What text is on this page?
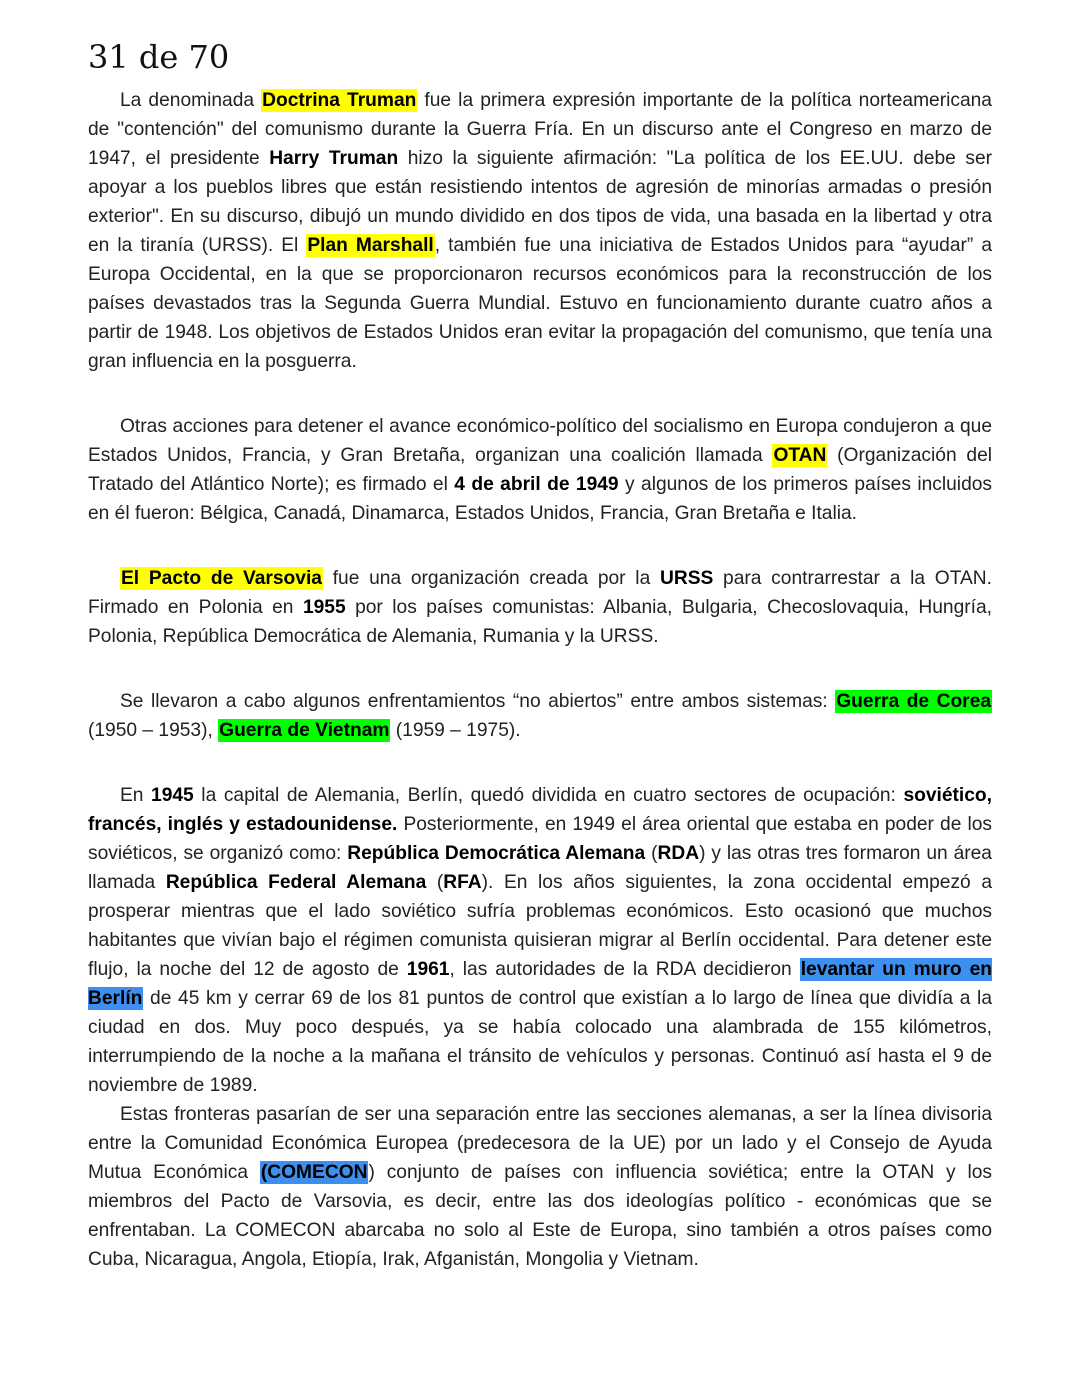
31 de 70

La denominada Doctrina Truman fue la primera expresión importante de la política norteamericana de "contención" del comunismo durante la Guerra Fría. En un discurso ante el Congreso en marzo de 1947, el presidente Harry Truman hizo la siguiente afirmación: "La política de los EE.UU. debe ser apoyar a los pueblos libres que están resistiendo intentos de agresión de minorías armadas o presión exterior". En su discurso, dibujó un mundo dividido en dos tipos de vida, una basada en la libertad y otra en la tiranía (URSS). El Plan Marshall, también fue una iniciativa de Estados Unidos para “ayudar” a Europa Occidental, en la que se proporcionaron recursos económicos para la reconstrucción de los países devastados tras la Segunda Guerra Mundial. Estuvo en funcionamiento durante cuatro años a partir de 1948. Los objetivos de Estados Unidos eran evitar la propagación del comunismo, que tenía una gran influencia en la posguerra.

Otras acciones para detener el avance económico-político del socialismo en Europa condujeron a que Estados Unidos, Francia, y Gran Bretaña, organizan una coalición llamada OTAN (Organización del Tratado del Atlántico Norte); es firmado el 4 de abril de 1949 y algunos de los primeros países incluidos en él fueron: Bélgica, Canadá, Dinamarca, Estados Unidos, Francia, Gran Bretaña e Italia.

El Pacto de Varsovia fue una organización creada por la URSS para contrarrestar a la OTAN. Firmado en Polonia en 1955 por los países comunistas: Albania, Bulgaria, Checoslovaquia, Hungría, Polonia, República Democrática de Alemania, Rumania y la URSS.

Se llevaron a cabo algunos enfrentamientos “no abiertos” entre ambos sistemas: Guerra de Corea (1950 – 1953), Guerra de Vietnam (1959 – 1975).

En 1945 la capital de Alemania, Berlín, quedó dividida en cuatro sectores de ocupación: soviético, francés, inglés y estadounidense. Posteriormente, en 1949 el área oriental que estaba en poder de los soviéticos, se organizó como: República Democrática Alemana (RDA) y las otras tres formaron un área llamada República Federal Alemana (RFA). En los años siguientes, la zona occidental empezó a prosperar mientras que el lado soviético sufría problemas económicos. Esto ocasionó que muchos habitantes que vivían bajo el régimen comunista quisieran migrar al Berlín occidental. Para detener este flujo, la noche del 12 de agosto de 1961, las autoridades de la RDA decidieron levantar un muro en Berlín de 45 km y cerrar 69 de los 81 puntos de control que existían a lo largo de línea que dividía a la ciudad en dos. Muy poco después, ya se había colocado una alambrada de 155 kilómetros, interrumpiendo de la noche a la mañana el tránsito de vehículos y personas. Continuó así hasta el 9 de noviembre de 1989.

Estas fronteras pasarían de ser una separación entre las secciones alemanas, a ser la línea divisoria entre la Comunidad Económica Europea (predecesora de la UE) por un lado y el Consejo de Ayuda Mutua Económica (COMECON) conjunto de países con influencia soviética; entre la OTAN y los miembros del Pacto de Varsovia, es decir, entre las dos ideologías político - económicas que se enfrentaban. La COMECON abarcaba no solo al Este de Europa, sino también a otros países como Cuba, Nicaragua, Angola, Etiopía, Irak, Afganistán, Mongolia y Vietnam.
